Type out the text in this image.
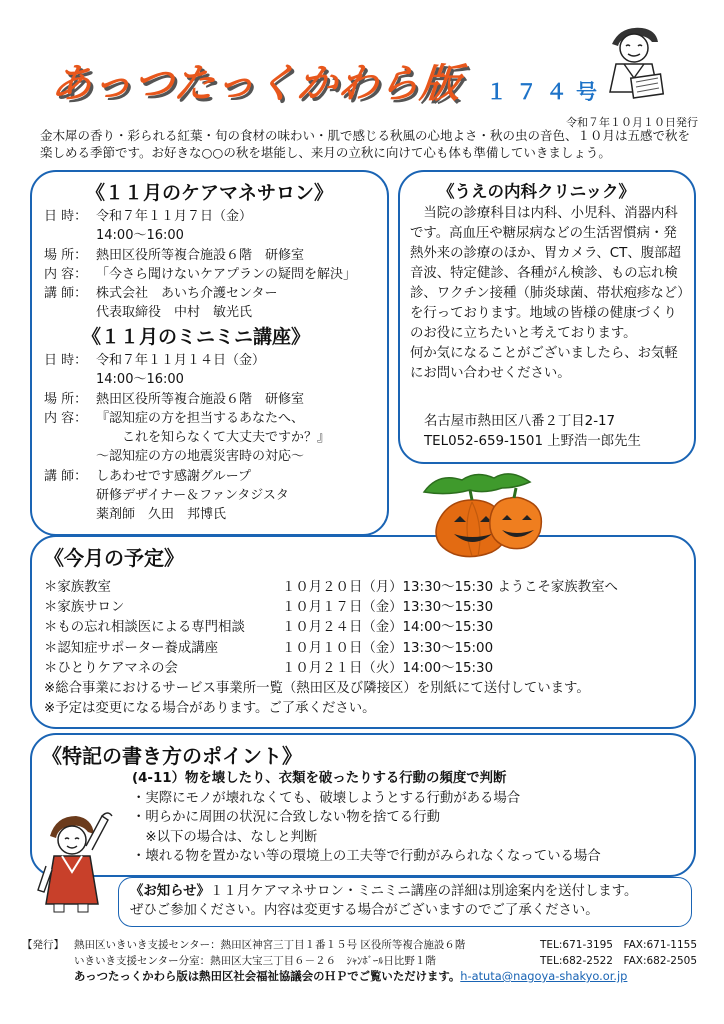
あっつたっくかわら版 １７４号
令和７年１０月１０日発行
金木犀の香り・彩られる紅葉・旬の食材の味わい・肌で感じる秋風の心地よさ・秋の虫の音色、１０月は五感で秋を楽しめる季節です。お好きな○○の秋を堪能し、来月の立秋に向けて心も体も準備していきましょう。
《１１月のケアマネサロン》
日 時： 令和７年１１月７日（金）
14:00〜16:00
場 所： 熱田区役所等複合施設６階　研修室
内 容： 「今さら聞けないケアプランの疑問を解決」
講 師： 株式会社　あいち介護センター
代表取締役　中村　敏光氏
《１１月のミニミニ講座》
日 時： 令和７年１１月１４日（金）
14:00〜16:00
場 所： 熱田区役所等複合施設６階　研修室
内 容： 『認知症の方を担当するあなたへ、
　　これを知らなくて大丈夫ですか？』
〜認知症の方の地震災害時の対応〜
講 師： しあわせです感謝グループ
研修デザイナー＆ファンタジスタ
薬剤師　久田　邦博氏
《うえの内科クリニック》
　当院の診療科目は内科、小児科、消器内科です。高血圧や糖尿病などの生活習慣病・発熱外来の診療のほか、胃カメラ、CT、腹部超音波、特定健診、各種がん検診、もの忘れ検診、ワクチン接種（肺炎球菌、帯状疱疹など）を行っております。地域の皆様の健康づくりのお役に立ちたいと考えております。
何か気になることがございましたら、お気軽にお問い合わせください。
名古屋市熱田区八番２丁目2-17
TEL052-659-1501 上野浩一郎先生
《今月の予定》
＊家族教室	１０月２０日（月）13:30〜15:30 ようこそ家族教室へ
＊家族サロン	１０月１７日（金）13:30〜15:30
＊もの忘れ相談医による専門相談	１０月２４日（金）14:00〜15:30
＊認知症サポーター養成講座	１０月１０日（金）13:30〜15:00
＊ひとりケアマネの会	１０月２１日（火）14:00〜15:30
※総合事業におけるサービス事業所一覧（熱田区及び隣接区）を別紙にて送付しています。
※予定は変更になる場合があります。ご了承ください。
《特記の書き方のポイント》
(4-11）物を壊したり、衣類を破ったりする行動の頻度で判断
・実際にモノが壊れなくても、破壊しようとする行動がある場合
・明らかに周囲の状況に合致しない物を捨てる行動
　※以下の場合は、なしと判断
・壊れる物を置かない等の環境上の工夫等で行動がみられなくなっている場合
《お知らせ》１１月ケアマネサロン・ミニミニ講座の詳細は別途案内を送付します。
ぜひご参加ください。内容は変更する場合がございますのでご了承ください。
【発行】 熱田区いきいき支援センター：熱田区神宮三丁目１番１５号 区役所等複合施設６階	TEL:671-3195　FAX:671-1155
いきいき支援センター分室：熱田区大宝三丁目６－２６　ｼｬﾝﾎﾞｰﾙ日比野１階	TEL:682-2522　FAX:682-2505
あっつたっくかわら版は熱田区社会福祉協議会のＨＰでご覧いただけます。 h-atuta@nagoya-shakyo.or.jp
